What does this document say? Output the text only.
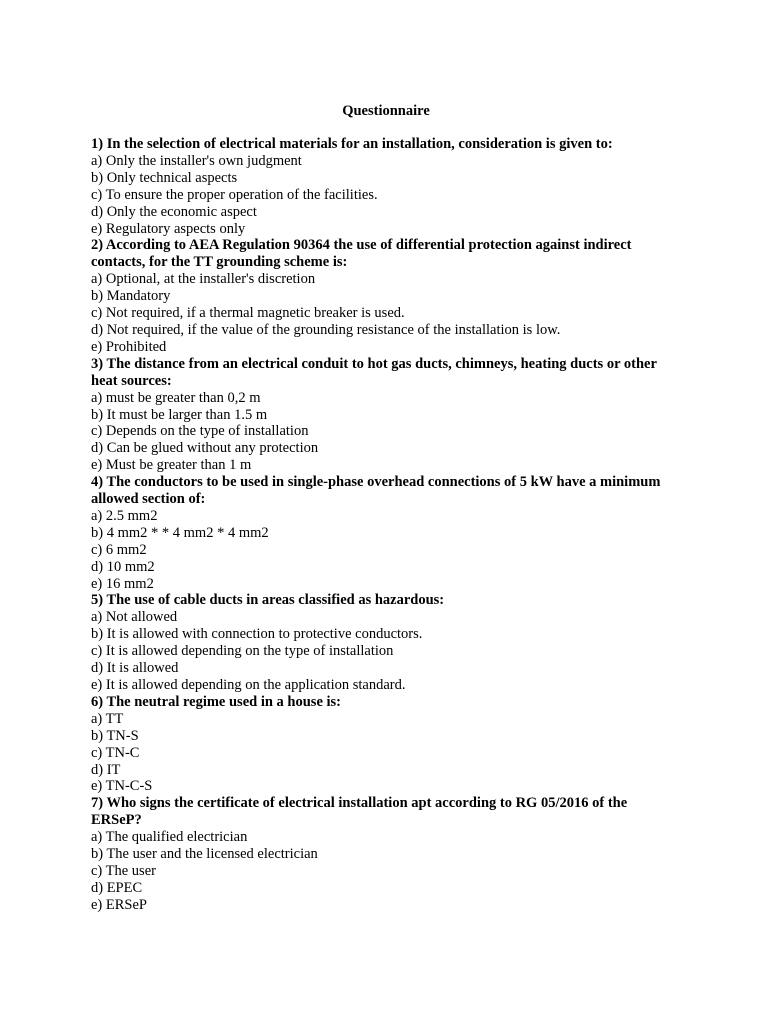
Questionnaire

1) In the selection of electrical materials for an installation, consideration is given to:

a) Only the installer's own judgment

b) Only technical aspects

c) To ensure the proper operation of the facilities.

d) Only the economic aspect

e) Regulatory aspects only

2) According to AEA Regulation 90364 the use of differential protection against indirect contacts, for the TT grounding scheme is:

a) Optional, at the installer's discretion

b) Mandatory

c) Not required, if a thermal magnetic breaker is used.

d) Not required, if the value of the grounding resistance of the installation is low.

e) Prohibited

3) The distance from an electrical conduit to hot gas ducts, chimneys, heating ducts or other heat sources:

a) must be greater than 0,2 m

b) It must be larger than 1.5 m

c) Depends on the type of installation

d) Can be glued without any protection

e) Must be greater than 1 m

4) The conductors to be used in single-phase overhead connections of 5 kW have a minimum allowed section of:

a) 2.5 mm2

b) 4 mm2 * * 4 mm2 * 4 mm2

c) 6 mm2

d) 10 mm2

e) 16 mm2

5) The use of cable ducts in areas classified as hazardous:

a) Not allowed

b) It is allowed with connection to protective conductors.

c) It is allowed depending on the type of installation

d) It is allowed

e) It is allowed depending on the application standard.

6) The neutral regime used in a house is:

a) TT

b) TN-S

c) TN-C

d) IT

e) TN-C-S

7) Who signs the certificate of electrical installation apt according to RG 05/2016 of the ERSeP?

a) The qualified electrician

b) The user and the licensed electrician

c) The user

d) EPEC

e) ERSeP
